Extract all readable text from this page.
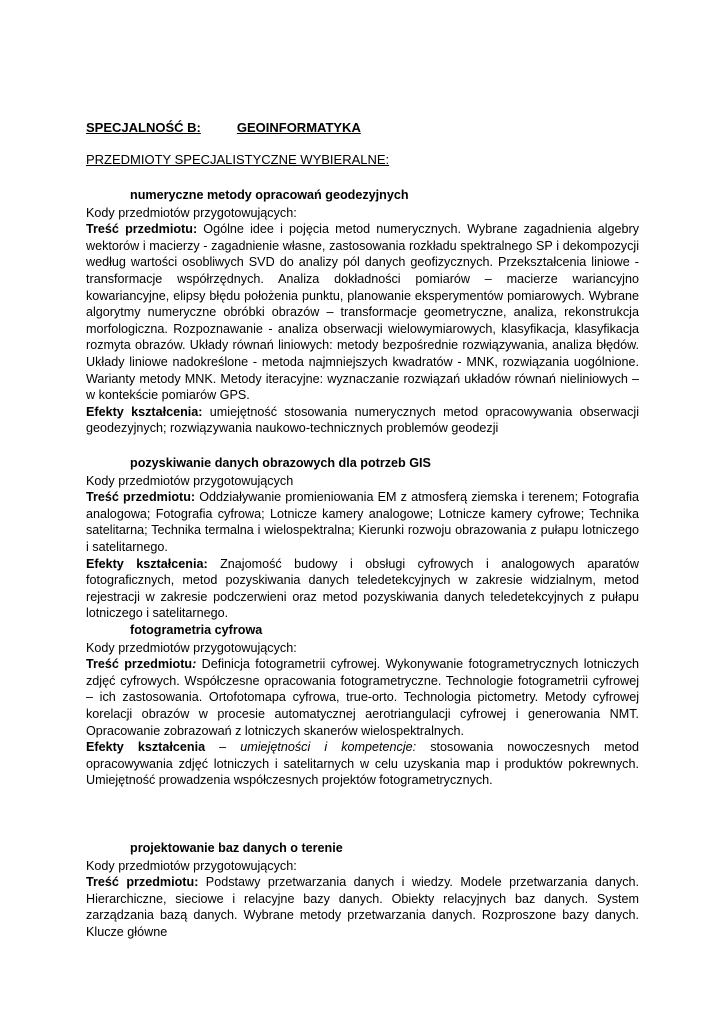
SPECJALNOŚĆ B:	GEOINFORMATYKA
PRZEDMIOTY SPECJALISTYCZNE WYBIERALNE:
numeryczne metody opracowań geodezyjnych
Kody przedmiotów przygotowujących:
Treść przedmiotu: Ogólne idee i pojęcia metod numerycznych. Wybrane zagadnienia algebry wektorów i macierzy - zagadnienie własne, zastosowania rozkładu spektralnego SP i dekompozycji według wartości osobliwych SVD do analizy pól danych geofizycznych. Przekształcenia liniowe - transformacje współrzędnych. Analiza dokładności pomiarów – macierze wariancyjno kowariancyjne, elipsy błędu położenia punktu, planowanie eksperymentów pomiarowych. Wybrane algorytmy numeryczne obróbki obrazów – transformacje geometryczne, analiza, rekonstrukcja morfologiczna. Rozpoznawanie - analiza obserwacji wielowymiarowych, klasyfikacja, klasyfikacja rozmyta obrazów. Układy równań liniowych: metody bezpośrednie rozwiązywania, analiza błędów. Układy liniowe nadokreślone - metoda najmniejszych kwadratów - MNK, rozwiązania uogólnione. Warianty metody MNK. Metody iteracyjne: wyznaczanie rozwiązań układów równań nieliniowych – w kontekście pomiarów GPS.
Efekty kształcenia: umiejętność stosowania numerycznych metod opracowywania obserwacji geodezyjnych; rozwiązywania naukowo-technicznych problemów geodezji
pozyskiwanie danych obrazowych dla potrzeb GIS
Kody przedmiotów przygotowujących
Treść przedmiotu: Oddziaływanie promieniowania EM z atmosferą ziemska i terenem; Fotografia analogowa; Fotografia cyfrowa; Lotnicze kamery analogowe; Lotnicze kamery cyfrowe; Technika satelitarna; Technika termalna i wielospektralna; Kierunki rozwoju obrazowania z pułapu lotniczego i satelitarnego.
Efekty kształcenia: Znajomość budowy i obsługi cyfrowych i analogowych aparatów fotograficznych, metod pozyskiwania danych teledetekcyjnych w zakresie widzialnym, metod rejestracji w zakresie podczerwieni oraz metod pozyskiwania danych teledetekcyjnych z pułapu lotniczego i satelitarnego.
fotogrametria cyfrowa
Kody przedmiotów przygotowujących:
Treść przedmiotu: Definicja fotogrametrii cyfrowej. Wykonywanie fotogrametrycznych lotniczych zdjęć cyfrowych. Współczesne opracowania fotogrametryczne. Technologie fotogrametrii cyfrowej – ich zastosowania. Ortofotomapa cyfrowa, true-orto. Technologia pictometry. Metody cyfrowej korelacji obrazów w procesie automatycznej aerotriangulacji cyfrowej i generowania NMT. Opracowanie zobrazowań z lotniczych skanerów wielospektralnych.
Efekty kształcenia – umiejętności i kompetencje: stosowania nowoczesnych metod opracowywania zdjęć lotniczych i satelitarnych w celu uzyskania map i produktów pokrewnych. Umiejętność prowadzenia współczesnych projektów fotogrametrycznych.
projektowanie baz danych o terenie
Kody przedmiotów przygotowujących:
Treść przedmiotu: Podstawy przetwarzania danych i wiedzy. Modele przetwarzania danych. Hierarchiczne, sieciowe i relacyjne bazy danych. Obiekty relacyjnych baz danych. System zarządzania bazą danych. Wybrane metody przetwarzania danych. Rozproszone bazy danych. Klucze główne
